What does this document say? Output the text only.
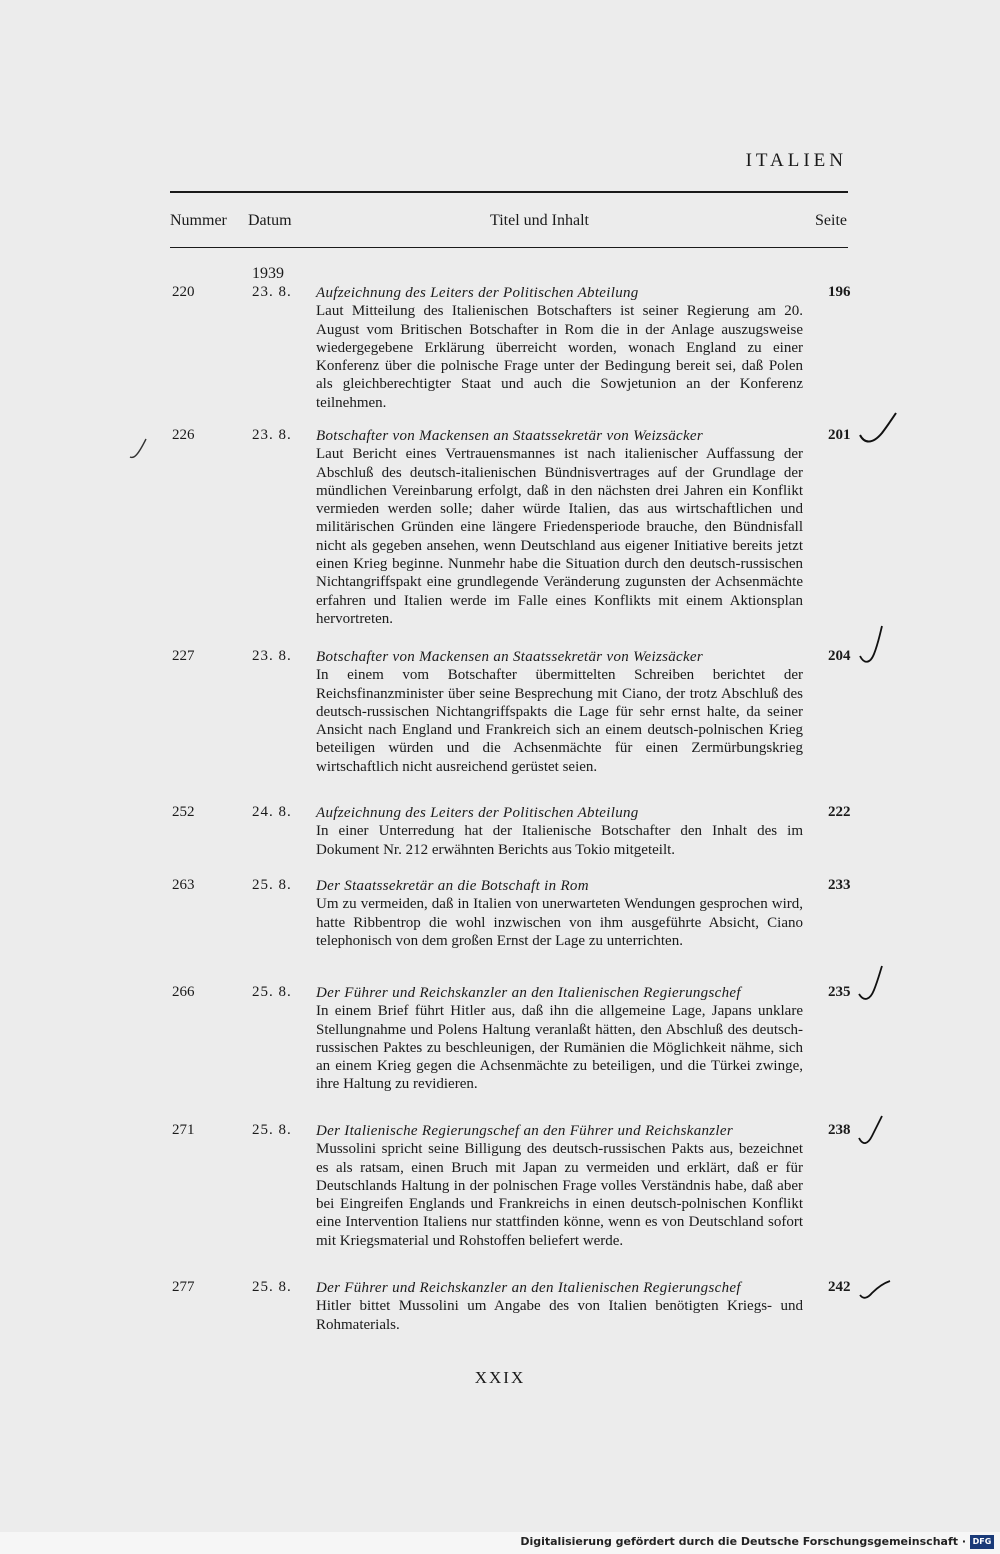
ITALIEN
Nummer Datum	Titel und Inhalt	Seite
1939
220	23. 8. Aufzeichnung des Leiters der Politischen Abteilung
Laut Mitteilung des Italienischen Botschafters ist seiner Regierung am 20. August vom Britischen Botschafter in Rom die in der Anlage auszugsweise wiedergegebene Erklärung überreicht worden, wonach England zu einer Konferenz über die polnische Frage unter der Bedingung bereit sei, daß Polen als gleichberechtigter Staat und auch die Sowjetunion an der Konferenz teilnehmen.
196
226	23. 8. Botschafter von Mackensen an Staatssekretär von Weizsäcker
Laut Bericht eines Vertrauensmannes ist nach italienischer Auffassung der Abschluß des deutsch-italienischen Bündnisvertrages auf der Grundlage der mündlichen Vereinbarung erfolgt, daß in den nächsten drei Jahren ein Konflikt vermieden werden solle; daher würde Italien, das aus wirtschaftlichen und militärischen Gründen eine längere Friedensperiode brauche, den Bündnisfall nicht als gegeben ansehen, wenn Deutschland aus eigener Initiative bereits jetzt einen Krieg beginne. Nunmehr habe die Situation durch den deutsch-russischen Nichtangriffspakt eine grundlegende Veränderung zugunsten der Achsenmächte erfahren und Italien werde im Falle eines Konflikts mit einem Aktionsplan hervortreten.
201
227	23. 8. Botschafter von Mackensen an Staatssekretär von Weizsäcker
In einem vom Botschafter übermittelten Schreiben berichtet der Reichsfinanzminister über seine Besprechung mit Ciano, der trotz Abschluß des deutsch-russischen Nichtangriffspakts die Lage für sehr ernst halte, da seiner Ansicht nach England und Frankreich sich an einem deutsch-polnischen Krieg beteiligen würden und die Achsenmächte für einen Zermürbungskrieg wirtschaftlich nicht ausreichend gerüstet seien.
204
252	24. 8. Aufzeichnung des Leiters der Politischen Abteilung
In einer Unterredung hat der Italienische Botschafter den Inhalt des im Dokument Nr. 212 erwähnten Berichts aus Tokio mitgeteilt.
222
263	25. 8. Der Staatssekretär an die Botschaft in Rom
Um zu vermeiden, daß in Italien von unerwarteten Wendungen gesprochen wird, hatte Ribbentrop die wohl inzwischen von ihm ausgeführte Absicht, Ciano telephonisch von dem großen Ernst der Lage zu unterrichten.
233
266	25. 8. Der Führer und Reichskanzler an den Italienischen Regierungschef
In einem Brief führt Hitler aus, daß ihn die allgemeine Lage, Japans unklare Stellungnahme und Polens Haltung veranlaßt hätten, den Abschluß des deutsch-russischen Paktes zu beschleunigen, der Rumänien die Möglichkeit nähme, sich an einem Krieg gegen die Achsenmächte zu beteiligen, und die Türkei zwinge, ihre Haltung zu revidieren.
235
271	25. 8. Der Italienische Regierungschef an den Führer und Reichskanzler
Mussolini spricht seine Billigung des deutsch-russischen Pakts aus, bezeichnet es als ratsam, einen Bruch mit Japan zu vermeiden und erklärt, daß er für Deutschlands Haltung in der polnischen Frage volles Verständnis habe, daß aber bei Eingreifen Englands und Frankreichs in einen deutsch-polnischen Konflikt eine Intervention Italiens nur stattfinden könne, wenn es von Deutschland sofort mit Kriegsmaterial und Rohstoffen beliefert werde.
238
277	25. 8. Der Führer und Reichskanzler an den Italienischen Regierungschef
Hitler bittet Mussolini um Angabe des von Italien benötigten Kriegs- und Rohmaterials.
242
XXIX
Digitalisierung gefördert durch die Deutsche Forschungsgemeinschaft · DFG
